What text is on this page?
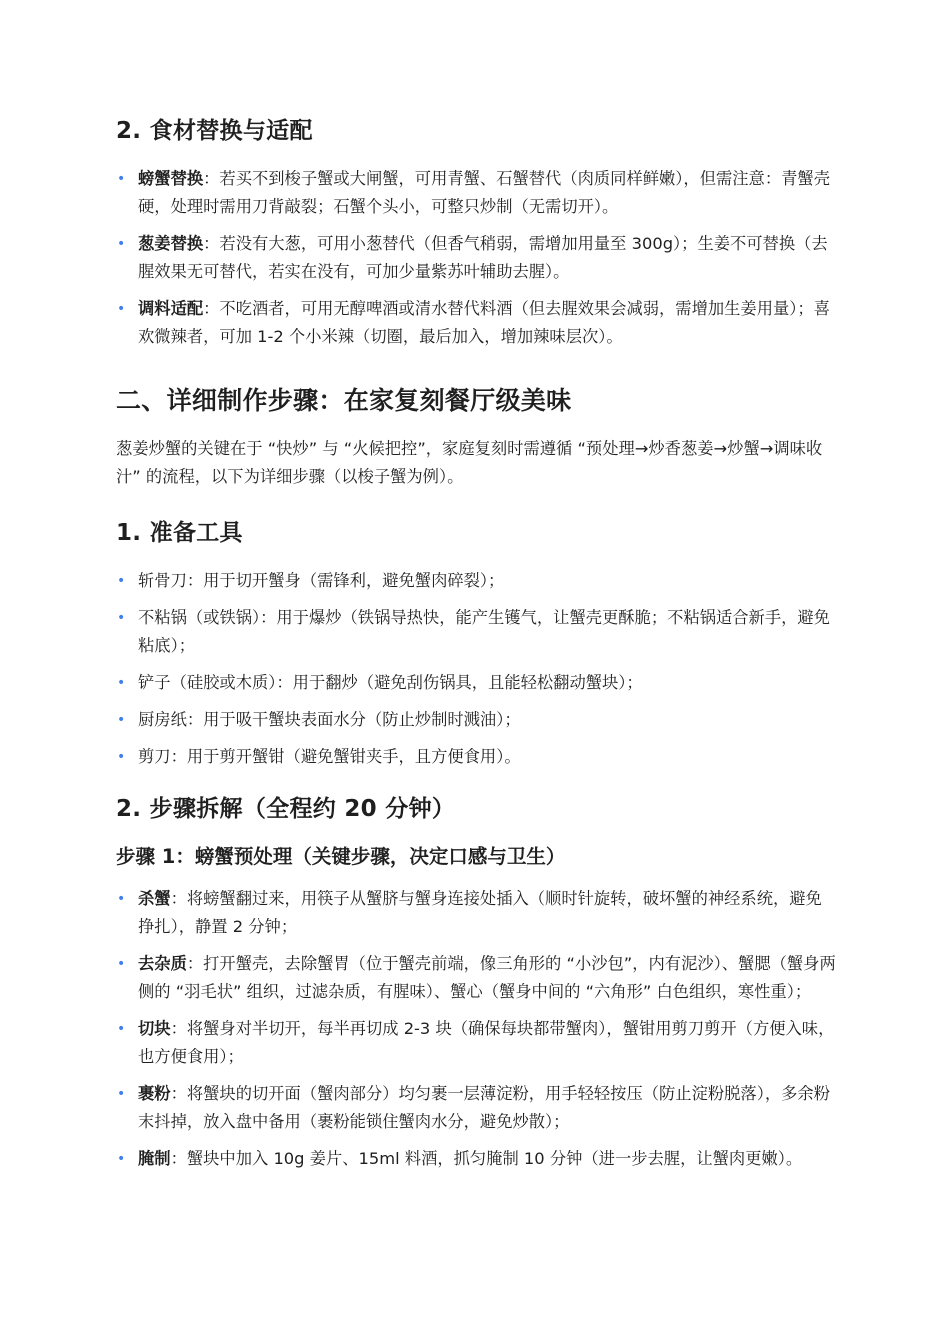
2. 食材替换与适配
• 螃蟹替换：若买不到梭子蟹或大闸蟹，可用青蟹、石蟹替代（肉质同样鲜嫩），但需注意：青蟹壳硬，处理时需用刀背敲裂；石蟹个头小，可整只炒制（无需切开）。
• 葱姜替换：若没有大葱，可用小葱替代（但香气稍弱，需增加用量至 300g）；生姜不可替换（去腥效果无可替代，若实在没有，可加少量紫苏叶辅助去腥）。
• 调料适配：不吃酒者，可用无醇啤酒或清水替代料酒（但去腥效果会减弱，需增加生姜用量）；喜欢微辣者，可加 1-2 个小米辣（切圈，最后加入，增加辣味层次）。
二、详细制作步骤：在家复刻餐厅级美味

葱姜炒蟹的关键在于 “快炒” 与 “火候把控”，家庭复刻时需遵循 “预处理→炒香葱姜→炒蟹→调味收汁” 的流程，以下为详细步骤（以梭子蟹为例）。

1. 准备工具
• 斩骨刀：用于切开蟹身（需锋利，避免蟹肉碎裂）；
• 不粘锅（或铁锅）：用于爆炒（铁锅导热快，能产生镬气，让蟹壳更酥脆；不粘锅适合新手，避免粘底）；
• 铲子（硅胶或木质）：用于翻炒（避免刮伤锅具，且能轻松翻动蟹块）；
• 厨房纸：用于吸干蟹块表面水分（防止炒制时溅油）；
• 剪刀：用于剪开蟹钳（避免蟹钳夹手，且方便食用）。
2. 步骤拆解（全程约 20 分钟）
步骤 1：螃蟹预处理（关键步骤，决定口感与卫生）
• 杀蟹：将螃蟹翻过来，用筷子从蟹脐与蟹身连接处插入（顺时针旋转，破坏蟹的神经系统，避免挣扎），静置 2 分钟；
• 去杂质：打开蟹壳，去除蟹胃（位于蟹壳前端，像三角形的 “小沙包”，内有泥沙）、蟹腮（蟹身两侧的 “羽毛状” 组织，过滤杂质，有腥味）、蟹心（蟹身中间的 “六角形” 白色组织，寒性重）；
• 切块：将蟹身对半切开，每半再切成 2-3 块（确保每块都带蟹肉），蟹钳用剪刀剪开（方便入味，也方便食用）；
• 裹粉：将蟹块的切开面（蟹肉部分）均匀裹一层薄淀粉，用手轻轻按压（防止淀粉脱落），多余粉末抖掉，放入盘中备用（裹粉能锁住蟹肉水分，避免炒散）；
• 腌制：蟹块中加入 10g 姜片、15ml 料酒，抓匀腌制 10 分钟（进一步去腥，让蟹肉更嫩）。
